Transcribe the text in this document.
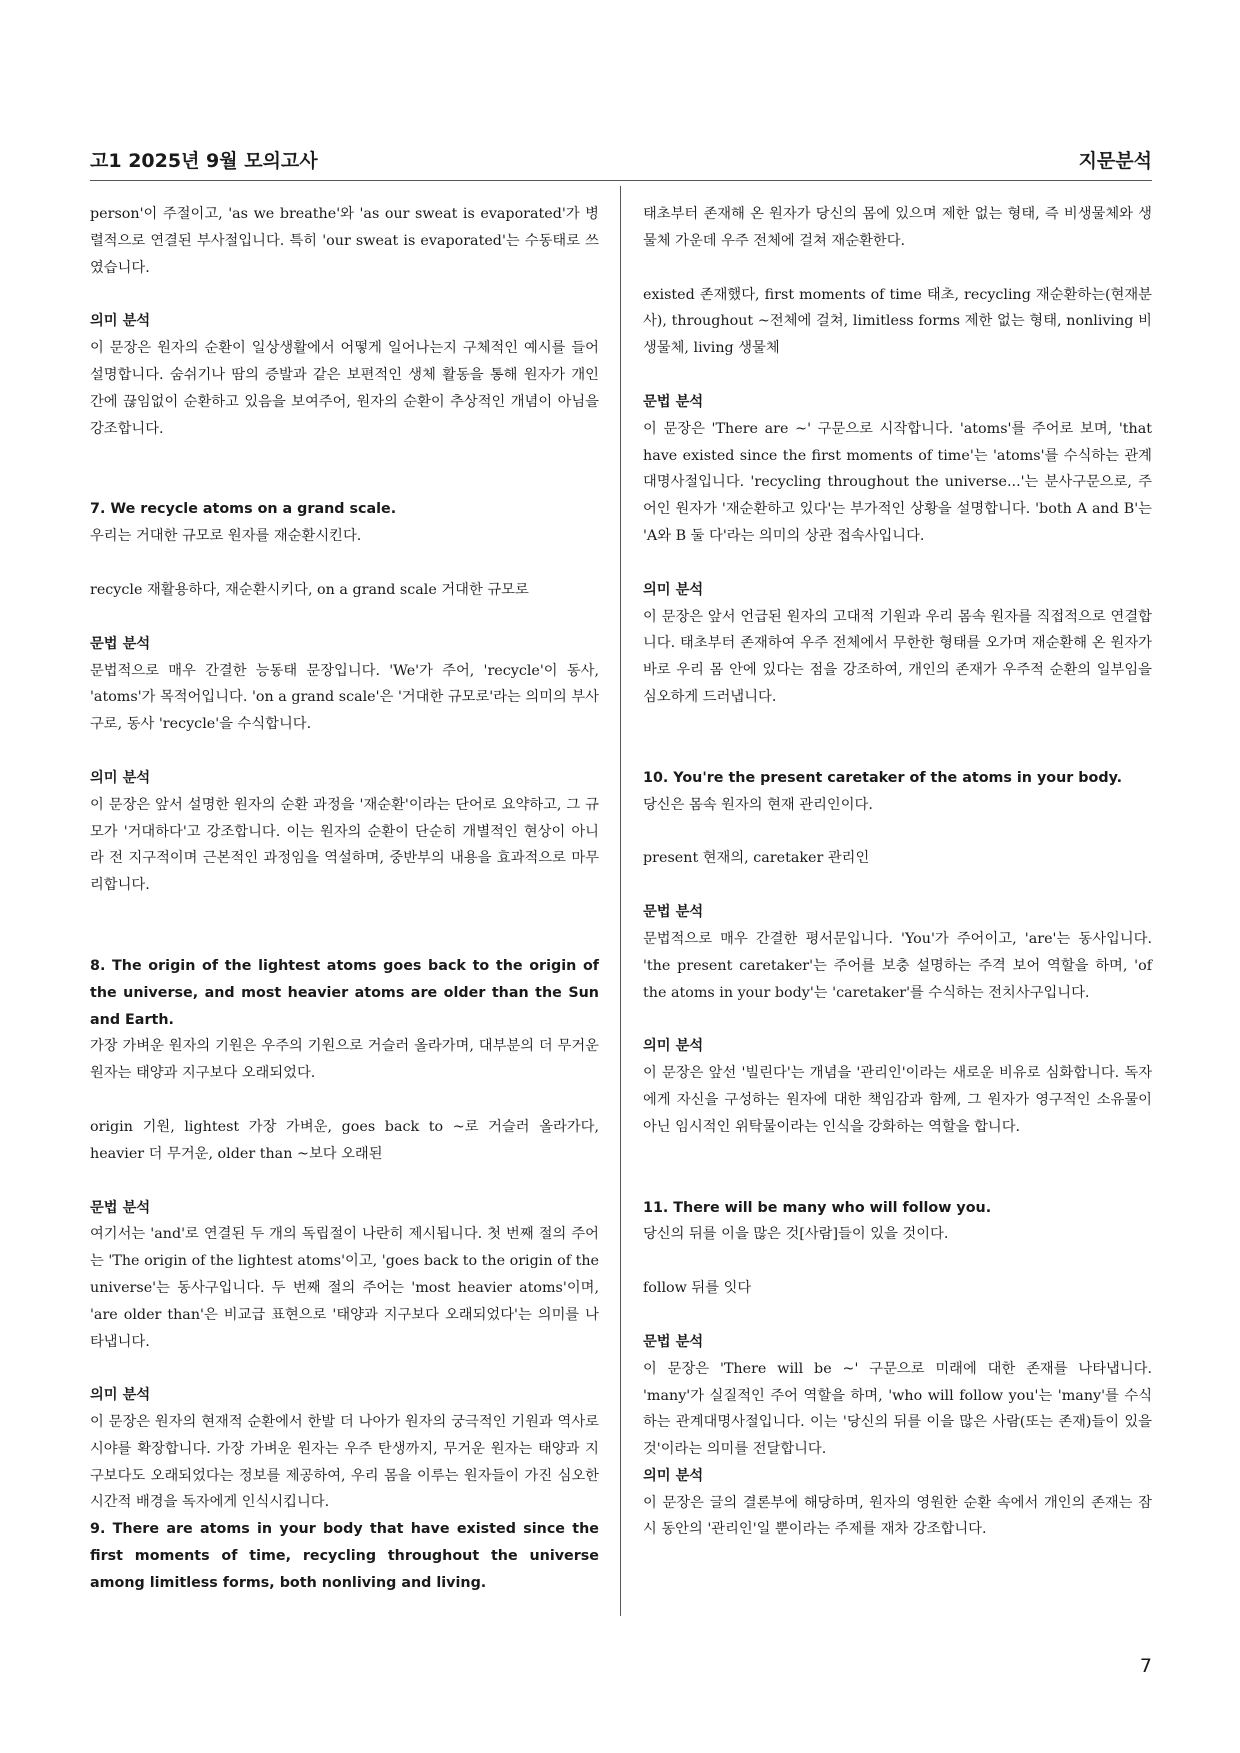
고1 2025년 9월 모의고사	지문분석

person'이 주절이고, 'as we breathe'와 'as our sweat is evaporated'가 병렬적으로 연결된 부사절입니다. 특히 'our sweat is evaporated'는 수동태로 쓰였습니다.

의미 분석

이 문장은 원자의 순환이 일상생활에서 어떻게 일어나는지 구체적인 예시를 들어 설명합니다. 숨쉬기나 땀의 증발과 같은 보편적인 생체 활동을 통해 원자가 개인 간에 끊임없이 순환하고 있음을 보여주어, 원자의 순환이 추상적인 개념이 아님을 강조합니다.

7. We recycle atoms on a grand scale.

우리는 거대한 규모로 원자를 재순환시킨다.

recycle 재활용하다, 재순환시키다, on a grand scale 거대한 규모로

문법 분석

문법적으로 매우 간결한 능동태 문장입니다. 'We'가 주어, 'recycle'이 동사, 'atoms'가 목적어입니다. 'on a grand scale'은 '거대한 규모로'라는 의미의 부사구로, 동사 'recycle'을 수식합니다.

의미 분석

이 문장은 앞서 설명한 원자의 순환 과정을 '재순환'이라는 단어로 요약하고, 그 규모가 '거대하다'고 강조합니다. 이는 원자의 순환이 단순히 개별적인 현상이 아니라 전 지구적이며 근본적인 과정임을 역설하며, 중반부의 내용을 효과적으로 마무리합니다.

8. The origin of the lightest atoms goes back to the origin of the universe, and most heavier atoms are older than the Sun and Earth.

가장 가벼운 원자의 기원은 우주의 기원으로 거슬러 올라가며, 대부분의 더 무거운 원자는 태양과 지구보다 오래되었다.

origin 기원, lightest 가장 가벼운, goes back to ~로 거슬러 올라가다, heavier 더 무거운, older than ~보다 오래된

문법 분석

여기서는 'and'로 연결된 두 개의 독립절이 나란히 제시됩니다. 첫 번째 절의 주어는 'The origin of the lightest atoms'이고, 'goes back to the origin of the universe'는 동사구입니다. 두 번째 절의 주어는 'most heavier atoms'이며, 'are older than'은 비교급 표현으로 '태양과 지구보다 오래되었다'는 의미를 나타냅니다.

의미 분석

이 문장은 원자의 현재적 순환에서 한발 더 나아가 원자의 궁극적인 기원과 역사로 시야를 확장합니다. 가장 가벼운 원자는 우주 탄생까지, 무거운 원자는 태양과 지구보다도 오래되었다는 정보를 제공하여, 우리 몸을 이루는 원자들이 가진 심오한 시간적 배경을 독자에게 인식시킵니다.

9. There are atoms in your body that have existed since the first moments of time, recycling throughout the universe among limitless forms, both nonliving and living.

태초부터 존재해 온 원자가 당신의 몸에 있으며 제한 없는 형태, 즉 비생물체와 생물체 가운데 우주 전체에 걸쳐 재순환한다.

existed 존재했다, first moments of time 태초, recycling 재순환하는(현재분사), throughout ~전체에 걸쳐, limitless forms 제한 없는 형태, nonliving 비생물체, living 생물체

문법 분석

이 문장은 'There are ~' 구문으로 시작합니다. 'atoms'를 주어로 보며, 'that have existed since the first moments of time'는 'atoms'를 수식하는 관계대명사절입니다. 'recycling throughout the universe...'는 분사구문으로, 주어인 원자가 '재순환하고 있다'는 부가적인 상황을 설명합니다. 'both A and B'는 'A와 B 둘 다'라는 의미의 상관 접속사입니다.

의미 분석

이 문장은 앞서 언급된 원자의 고대적 기원과 우리 몸속 원자를 직접적으로 연결합니다. 태초부터 존재하여 우주 전체에서 무한한 형태를 오가며 재순환해 온 원자가 바로 우리 몸 안에 있다는 점을 강조하여, 개인의 존재가 우주적 순환의 일부임을 심오하게 드러냅니다.

10. You're the present caretaker of the atoms in your body.

당신은 몸속 원자의 현재 관리인이다.

present 현재의, caretaker 관리인

문법 분석

문법적으로 매우 간결한 평서문입니다. 'You'가 주어이고, 'are'는 동사입니다. 'the present caretaker'는 주어를 보충 설명하는 주격 보어 역할을 하며, 'of the atoms in your body'는 'caretaker'를 수식하는 전치사구입니다.

의미 분석

이 문장은 앞선 '빌린다'는 개념을 '관리인'이라는 새로운 비유로 심화합니다. 독자에게 자신을 구성하는 원자에 대한 책임감과 함께, 그 원자가 영구적인 소유물이 아닌 임시적인 위탁물이라는 인식을 강화하는 역할을 합니다.

11. There will be many who will follow you.

당신의 뒤를 이을 많은 것[사람]들이 있을 것이다.

follow 뒤를 잇다

문법 분석

이 문장은 'There will be ~' 구문으로 미래에 대한 존재를 나타냅니다. 'many'가 실질적인 주어 역할을 하며, 'who will follow you'는 'many'를 수식하는 관계대명사절입니다. 이는 '당신의 뒤를 이을 많은 사람(또는 존재)들이 있을 것'이라는 의미를 전달합니다.

의미 분석

이 문장은 글의 결론부에 해당하며, 원자의 영원한 순환 속에서 개인의 존재는 잠시 동안의 '관리인'일 뿐이라는 주제를 재차 강조합니다.

7
